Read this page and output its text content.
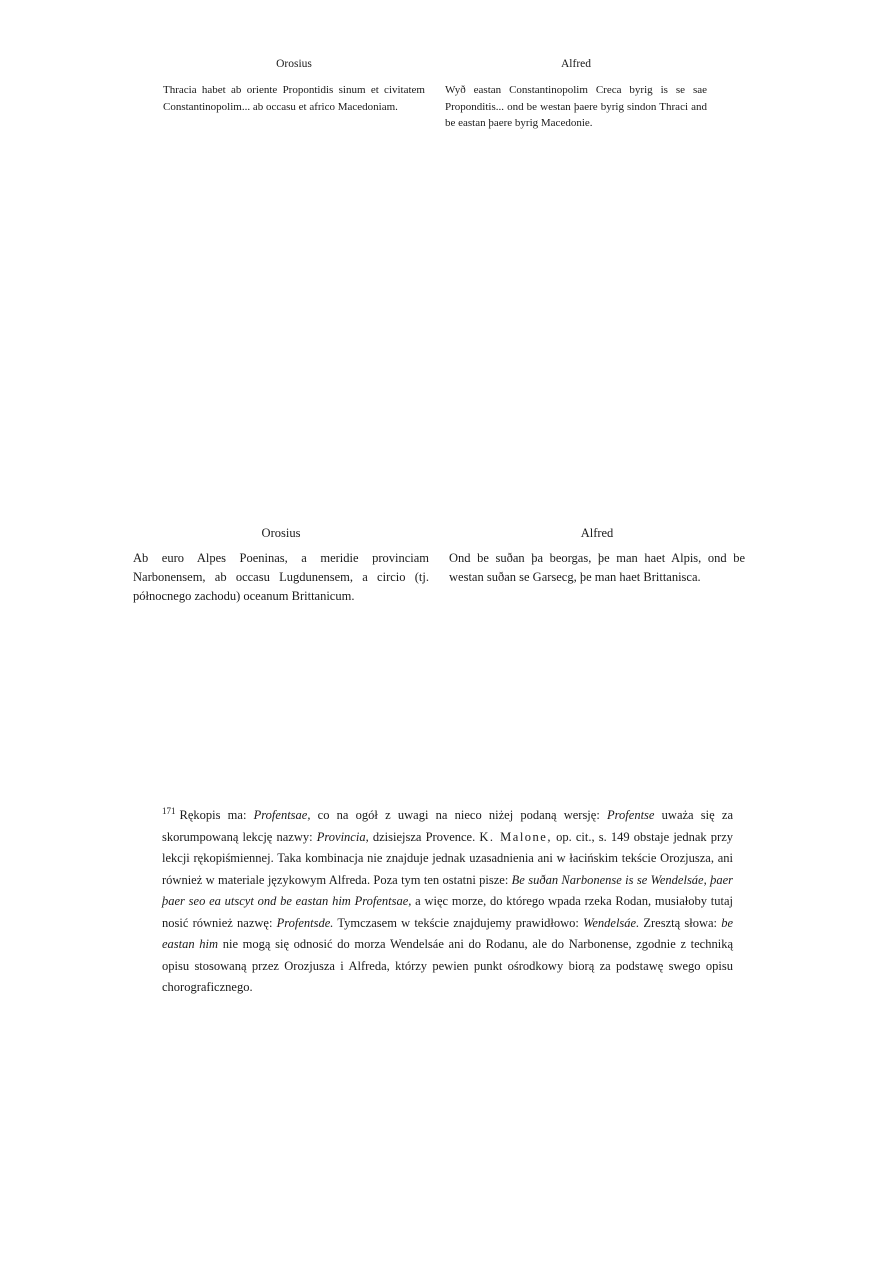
Orosius
Thracia habet ab oriente Propontidis sinum et civitatem Constantinopolim... ab occasu et africo Macedoniam.
Alfred
Wyð eastan Constantinopolim Creca byrig is se sae Proponditis... ond be westan þaere byrig sindon Thraci and be eastan þaere byrig Macedonie.
Orosius
Ab euro Alpes Poeninas, a meridie provinciam Narbonensem, ab occasu Lugdunensem, a circio (tj. północnego zachodu) oceanum Brittanicum.
Alfred
Ond be suðan þa beorgas, þe man haet Alpis, ond be westan suðan se Garsecg, þe man haet Brittanisca.
$^{171}$ Rękopis ma: Profentsae, co na ogół z uwagi na nieco niżej podaną wersję: Profentse uważa się za skorumpowaną lekcję nazwy: Provincia, dzisiejsza Provence. K. Malone, op. cit., s. 149 obstaje jednak przy lekcji rękopiśmiennej. Taka kombinacja nie znajduje jednak uzasadnienia ani w łacińskim tekście Orozjusza, ani również w materiale językowym Alfreda. Poza tym ten ostatni pisze: Be suðan Narbonense is se Wendelsáe, þaer þaer seo ea utscyt ond be eastan him Profentsae, a więc morze, do którego wpada rzeka Rodan, musiałoby tutaj nosić również nazwę: Profentsde. Tymczasem w tekście znajdujemy prawidłowo: Wendelsáe. Zresztą słowa: be eastan him nie mogą się odnosić do morza Wendelsáe ani do Rodanu, ale do Narbonense, zgodnie z techniką opisu stosowaną przez Orozjusza i Alfreda, którzy pewien punkt ośrodkowy biorą za podstawę swego opisu chorograficznego.
